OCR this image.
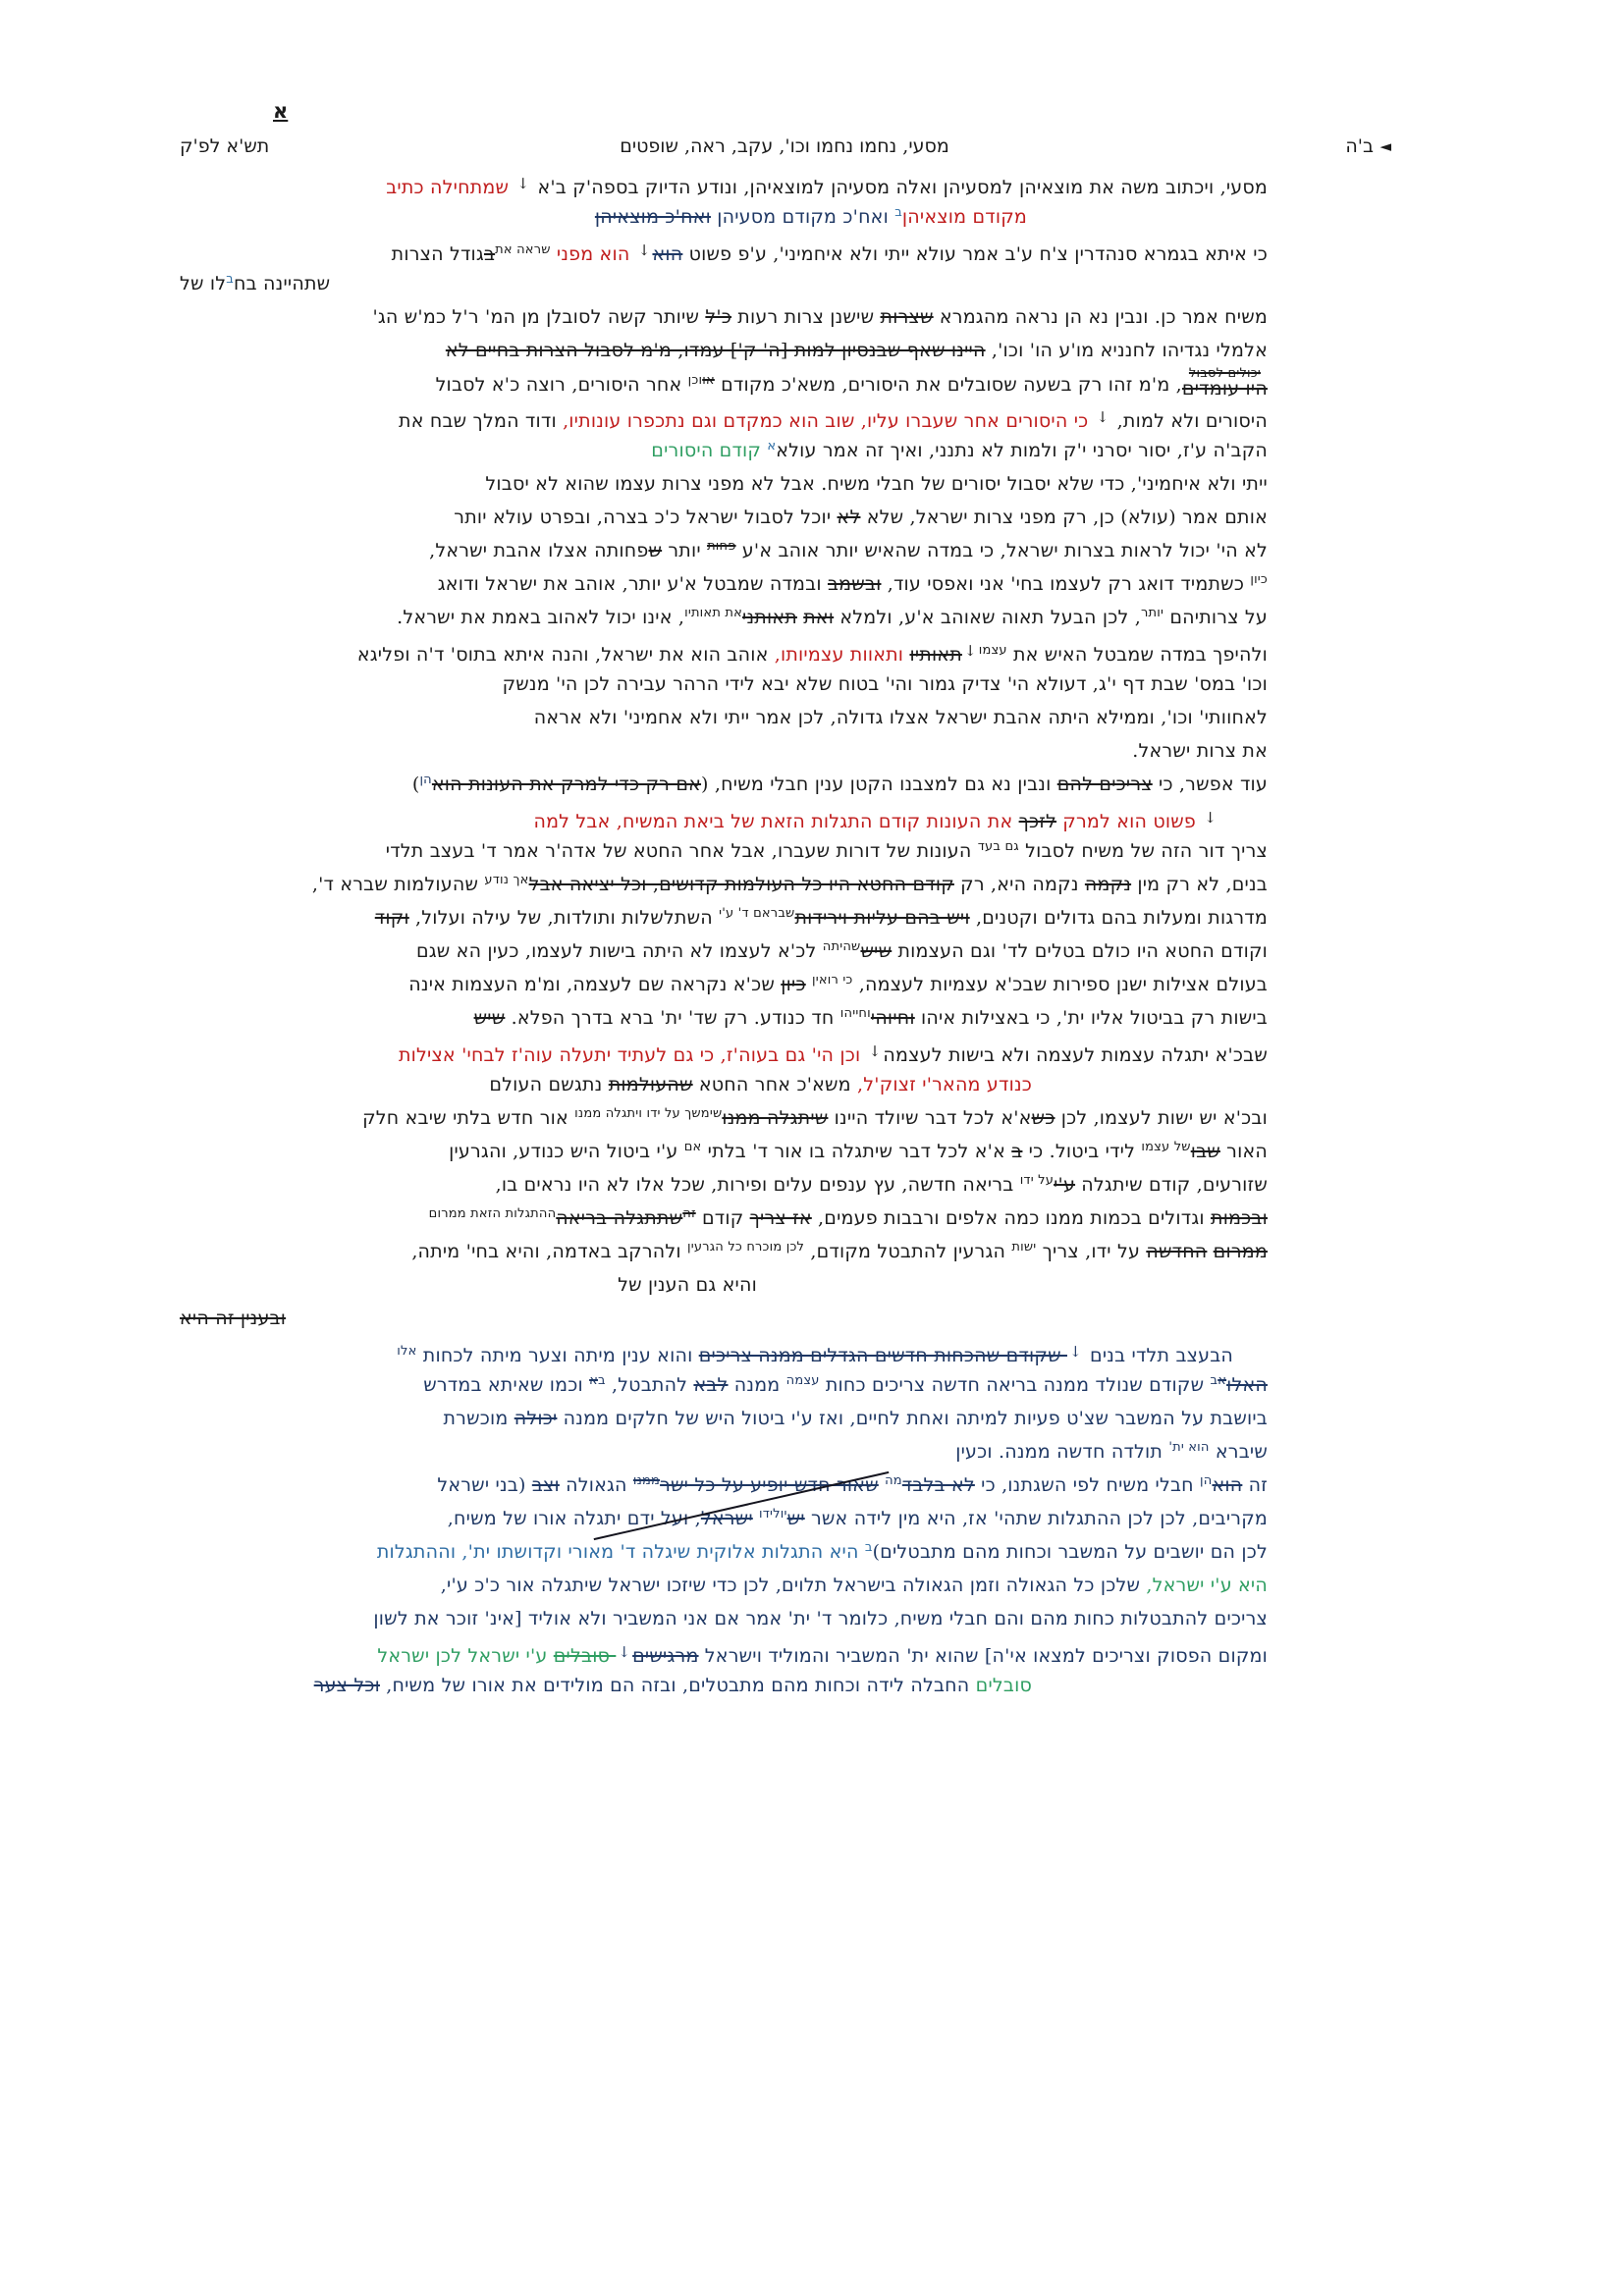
א
◄
ב'ה
מסעי, נחמו נחמו וכו', עקב, ראה, שופטים
תש'א לפ'ק
מסעי, ויכתוב משה את מוצאיהן למסעיהן ואלה מסעיהן למוצאיהן, ונודע הדיוק בספה'ק ב'א ↓ שמתחילה כתיב
מקודם מוצאיהן$^ב$ ואח'כ מקודם מסעיהן ואח'כ מוצאיהן
כי איתא בגמרא סנהדרין צ'ח ע'ב אמר עולא ייתי ולא איחמיני', ע'פ פשוט הוא↓ הוא מפני $^{שראה את}$בגודל הצרות
שתהיינה בח$^ב$לו של
משיח אמר כן. ונבין נא הן נראה מהגמרא שצרות שישנן צרות רעות כ'ל שיותר קשה לסובלן מן המ' ר'ל כמ'ש הג'
אלמלי נגדיהו לחנניא מו'ע הו' וכו', היינו שאף שבנסיון למות [ה' ק'] עמדו, מ'מ לסבול הצרות בחיים לא
יכולים לסבול
היו עומדים
, מ'מ זהו רק בשעה שסובלים את היסורים, משא'כ מקודם $^{אווכן}$ אחר היסורים, רוצה כ'א לסבול
היסורים ולא למות, ↓ כי היסורים אחר שעברו עליו, שוב הוא כמקדם וגם נתכפרו עונותיו, ודוד המלך שבח את
הקב'ה ע'ז, יסור יסרני י'ק ולמות לא נתנני, ואיך זה אמר עולא$^א$ קודם היסורים
ייתי ולא איחמיני', כדי שלא יסבול יסורים של חבלי משיח. אבל לא מפני צרות עצמו שהוא לא יסבול
אותם אמר (עולא) כן, רק מפני צרות ישראל, שלא לא יוכל לסבול ישראל כ'כ בצרה, ובפרט עולא יותר
לא הי' יכול לראות בצרות ישראל, כי במדה שהאיש יותר אוהב א'ע $^{פחות}$ יותר שפחותה אצלו אהבת ישראל,
$^{כיון}$ כשתמיד דואג רק לעצמו בחי' אני ואפסי עוד, ובשמב ובמדה שמבטל א'ע יותר, אוהב את ישראל ודואג
על צרותיהם $^{יותר}$, לכן הבעל תאוה שאוהב א'ע, ולמלא ואת תאותני$^{את תאותיו}$, אינו יכול לאהוב באמת את ישראל.
ולהיפך במדה שמבטל האיש את $^{עצמו↓}$תאותיו ותאוות עצמיותו, אוהב הוא את ישראל, והנה איתא בתוס' ד'ה ופליגא
וכו' במס' שבת דף י'ג, דעולא הי' צדיק גמור והי' בטוח שלא יבא לידי הרהר עבירה לכן הי' מנשק
לאחוותי' וכו', וממילא היתה אהבת ישראל אצלו גדולה, לכן אמר ייתי ולא אחמיני' ולא אראה
את צרות ישראל.
עוד אפשר, כי צריכים להם ונבין נא גם למצבנו הקטן ענין חבלי משיח, (אם רק כדי למרק את העונות הוא$^{הן}$)
↓ פשוט הוא למרק לזכך את העונות קודם התגלות הזאת של ביאת המשיח, אבל למה
צריך דור הזה של משיח לסבול $^{גם בעד}$ העונות של דורות שעברו, אבל אחר החטא של אדה'ר אמר ד' בעצב תלדי
בנים, לא רק מין נקמה נקמה היא, רק קודם החטא היו כל העולמות קדושים, וכל יציאה אבל$^{אך נודע}$ שהעולמות שברא ד',
מדרגות ומעלות בהם גדולים וקטנים, ויש בהם עליות וירידות$^{שבראם ד' ע'י}$ השתלשלות ותולדות, של עילה ועלול, וקוד
וקודם החטא היו כולם בטלים לד' וגם העצמות שיש$^{שהיתה}$ לכ'א לעצמו לא היתה בישות לעצמו, כעין הא שגם
בעולם אצילות ישנן ספירות שבכ'א עצמיות לעצמה, $^{כי רואין}$ כיון שכ'א נקראה שם לעצמה, ומ'מ העצמות אינה
בישות רק בביטול אליו ית', כי באצילות איהו וחיוהי$^{וחייהו}$ חד כנודע. רק שד' ית' ברא בדרך הפלא. שיש
שבכ'א יתגלה עצמות לעצמה ולא בישות לעצמה↓ וכן הי' גם בעוה'ז, כי גם לעתיד יתעלה עוה'ז לבחי' אצילות
כנודע מהאר'י זצוק'ל, משא'כ אחר החטא שהעולמות נתגשם העולם
ובכ'א יש ישות לעצמו, לכן כשא'א לכל דבר שיולד היינו שיתגלה ממנו$^{שימשך על ידו ויתגלה ממנו}$ אור חדש בלתי שיבא חלק
האור שבו$^{של עצמו}$ לידי ביטול. כי ב א'א לכל דבר שיתגלה בו אור ד' בלתי $^{אם}$ ע'י ביטול היש כנודע, והגרעין
שזורעים, קודם שיתגלה ע'י$^{על ידו}$ בריאה חדשה, עץ ענפים עלים ופירות, שכל אלו לא היו נראים בו,
ובכמות וגדולים בכמות ממנו כמה אלפים ורבבות פעמים, אז צריך קודם $^{זה}$שתתגלה בריאה$^{ההתגלות הזאת ממרום}$
ממרום החדשה על ידו, צריך $^{ישות}$ הגרעין להתבטל מקודם, $^{לכן מוכרח כל הגרעין}$ ולהרקב באדמה, והיא בחי' מיתה,
והיא גם הענין של
ובענין זה היא
הבעצב תלדי בנים ↓ שקודם שהכחות חדשים הגדלים ממנה צריכים והוא ענין מיתה וצער מיתה לכחות $^{אלו}$
האלו$^{אב}$ שקודם שנולד ממנה בריאה חדשה צריכים כחות $^{עצמה}$ ממנה לבא להתבטל, $^{בא}$ וכמו שאיתא במדרש
ביושבת על המשבר שצ'ט פעיות למיתה ואחת לחיים, ואז ע'י ביטול היש של חלקים ממנה יכולה מוכשרת
שיברא $^{הוא ית'}$ תולדה חדשה ממנה. וכעין
זה הוא$^{הן}$ חבלי משיח לפי השגתנו, כי לא בלבד$^{מה}$ שאור חדש יופיע על כל ישר$^{ממנו}$ הגאולה וצב (בני ישראל
מקריבים, לכן לכן ההתגלות שתהי' אז, היא מין לידה אשר יש$^{יולידו}$ ישראל, ועל ידם יתגלה אורו של משיח,
לכן הם יושבים על המשבר וכחות מהם מתבטלים)$^ב$ היא התגלות אלוקית שיגלה ד' מאורי וקדושתו ית', וההתגלות
היא ע'י ישראל, שלכן כל הגאולה וזמן הגאולה בישראל תלוים, לכן כדי שיזכו ישראל שיתגלה אור כ'כ ע'י,
צריכים להתבטלות כחות מהם והם חבלי משיח, כלומר ד' ית' אמר אם אני המשביר ולא אוליד [אינ' זוכר את לשון
ומקום הפסוק וצריכים למצאו אי'ה] שהוא ית' המשביר והמוליד וישראל מרגישים↓ סובלים ע'י ישראל לכן ישראל
סובלים החבלה לידה וכחות מהם מתבטלים, ובזה הם מולידים את אורו של משיח, וכל צער
